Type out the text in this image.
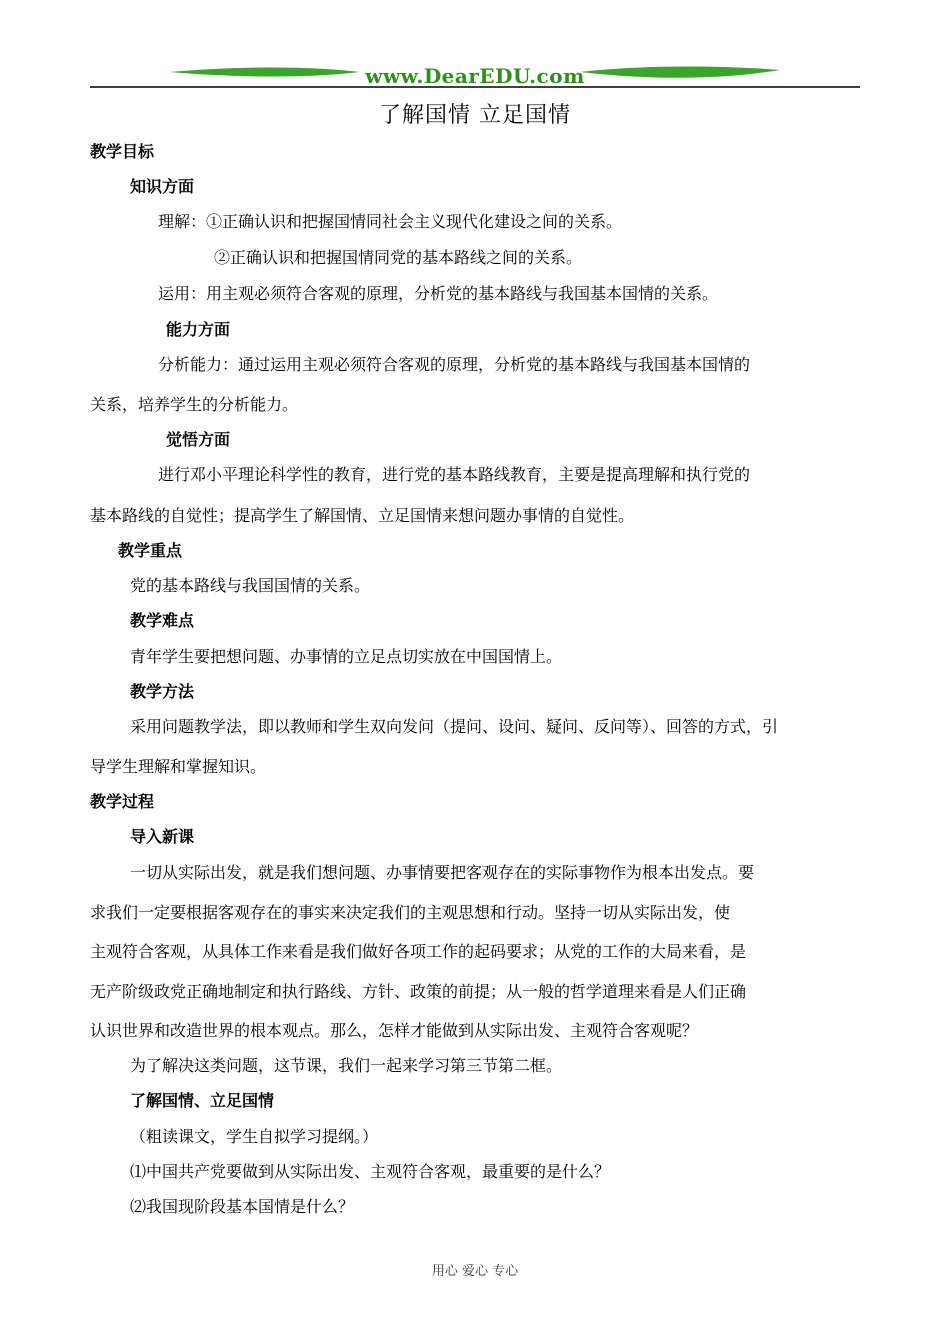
www.DearEDU.com
了解国情 立足国情
教学目标
知识方面
理解：①正确认识和把握国情同社会主义现代化建设之间的关系。
②正确认识和把握国情同党的基本路线之间的关系。
运用：用主观必须符合客观的原理，分析党的基本路线与我国基本国情的关系。
能力方面
分析能力：通过运用主观必须符合客观的原理，分析党的基本路线与我国基本国情的
关系，培养学生的分析能力。
觉悟方面
进行邓小平理论科学性的教育，进行党的基本路线教育，主要是提高理解和执行党的
基本路线的自觉性；提高学生了解国情、立足国情来想问题办事情的自觉性。
教学重点
党的基本路线与我国国情的关系。
教学难点
青年学生要把想问题、办事情的立足点切实放在中国国情上。
教学方法
采用问题教学法，即以教师和学生双向发问（提问、设问、疑问、反问等）、回答的方式，引
导学生理解和掌握知识。
教学过程
导入新课
一切从实际出发，就是我们想问题、办事情要把客观存在的实际事物作为根本出发点。要
求我们一定要根据客观存在的事实来决定我们的主观思想和行动。坚持一切从实际出发，使
主观符合客观，从具体工作来看是我们做好各项工作的起码要求；从党的工作的大局来看，是
无产阶级政党正确地制定和执行路线、方针、政策的前提；从一般的哲学道理来看是人们正确
认识世界和改造世界的根本观点。那么，怎样才能做到从实际出发、主观符合客观呢？
为了解决这类问题，这节课，我们一起来学习第三节第二框。
了解国情、立足国情
（粗读课文，学生自拟学习提纲。）
⑴中国共产党要做到从实际出发、主观符合客观，最重要的是什么？
⑵我国现阶段基本国情是什么？
用心 爱心 专心
